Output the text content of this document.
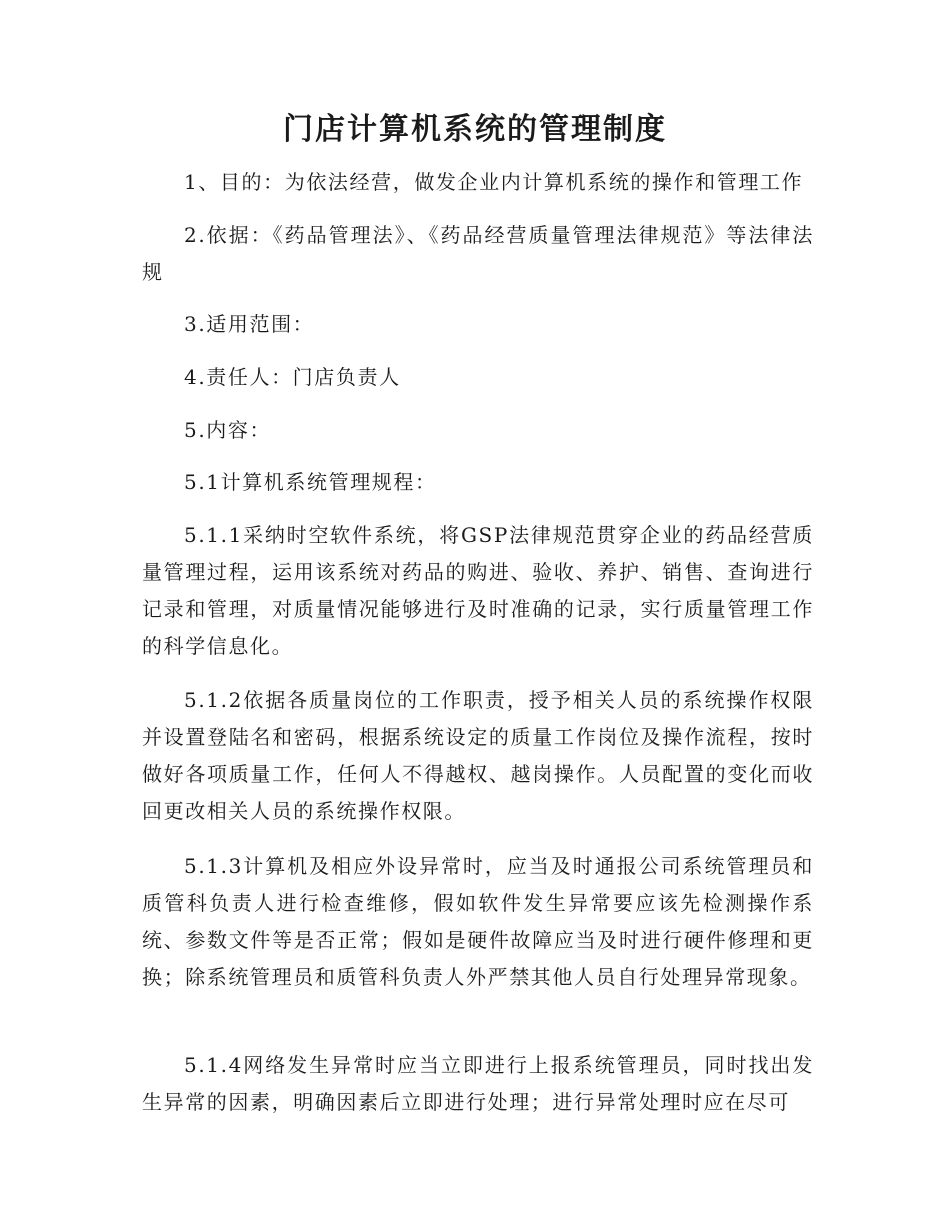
门店计算机系统的管理制度

1、目的：为依法经营，做发企业内计算机系统的操作和管理工作

2.依据：《药品管理法》、《药品经营质量管理法律规范》等法律法规

3.适用范围：

4.责任人：门店负责人

5.内容：

5.1计算机系统管理规程：

5.1.1采纳时空软件系统，将GSP法律规范贯穿企业的药品经营质量管理过程，运用该系统对药品的购进、验收、养护、销售、查询进行记录和管理，对质量情况能够进行及时准确的记录，实行质量管理工作的科学信息化。

5.1.2依据各质量岗位的工作职责，授予相关人员的系统操作权限并设置登陆名和密码，根据系统设定的质量工作岗位及操作流程，按时做好各项质量工作，任何人不得越权、越岗操作。人员配置的变化而收回更改相关人员的系统操作权限。

5.1.3计算机及相应外设异常时，应当及时通报公司系统管理员和质管科负责人进行检查维修，假如软件发生异常要应该先检测操作系统、参数文件等是否正常；假如是硬件故障应当及时进行硬件修理和更换；除系统管理员和质管科负责人外严禁其他人员自行处理异常现象。

5.1.4网络发生异常时应当立即进行上报系统管理员，同时找出发生异常的因素，明确因素后立即进行处理；进行异常处理时应在尽可
